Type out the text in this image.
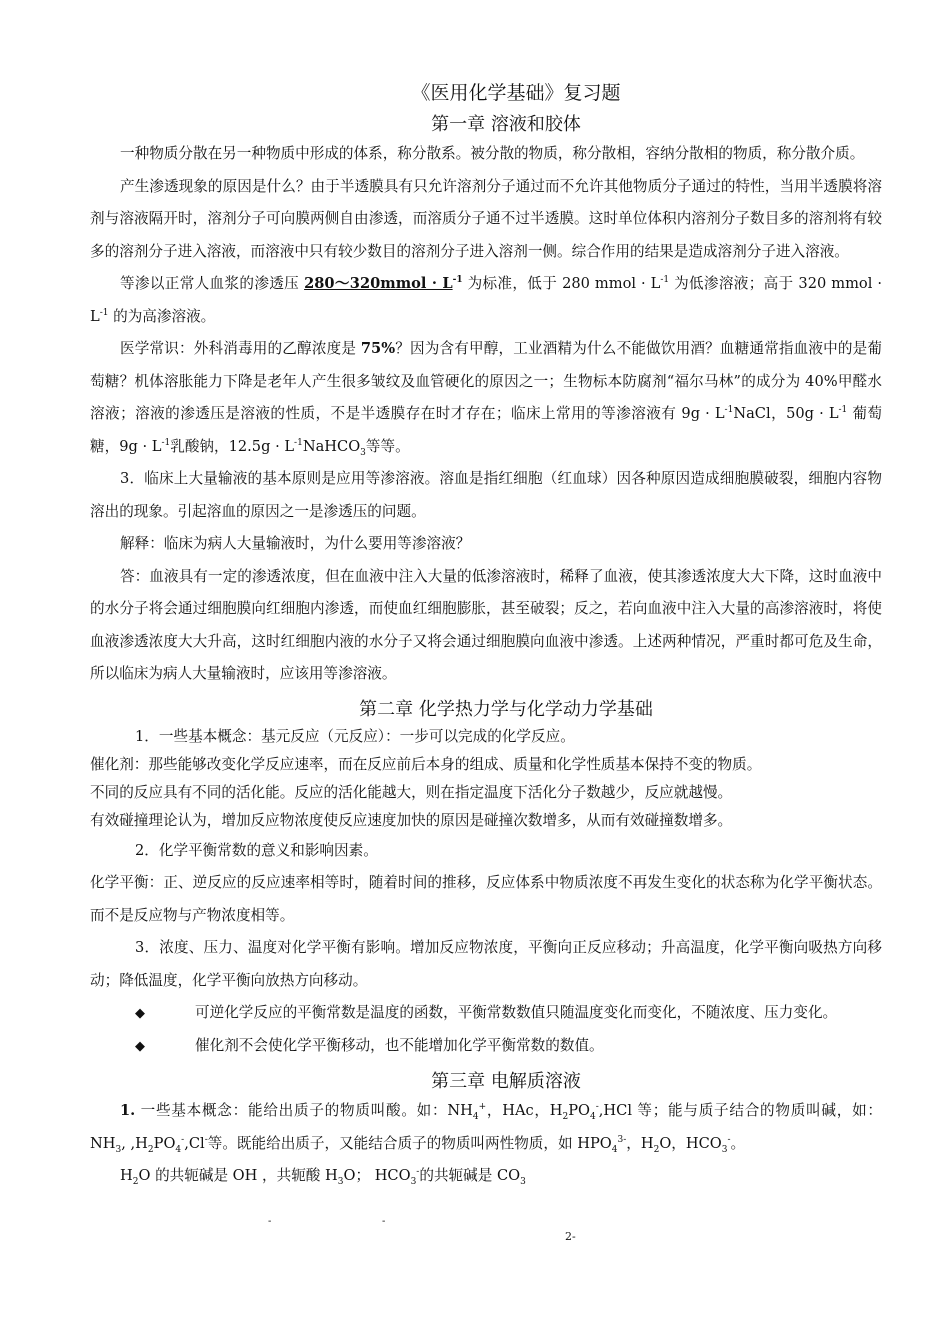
《医用化学基础》复习题
第一章 溶液和胶体

一种物质分散在另一种物质中形成的体系，称分散系。被分散的物质，称分散相，容纳分散相的物质，称分散介质。

产生渗透现象的原因是什么？由于半透膜具有只允许溶剂分子通过而不允许其他物质分子通过的特性，当用半透膜将溶剂与溶液隔开时，溶剂分子可向膜两侧自由渗透，而溶质分子通不过半透膜。这时单位体积内溶剂分子数目多的溶剂将有较多的溶剂分子进入溶液，而溶液中只有较少数目的溶剂分子进入溶剂一侧。综合作用的结果是造成溶剂分子进入溶液。

等渗以正常人血浆的渗透压 280～320mmol · $L^{-1}$ 为标准，低于 280 mmol · $L^{-1}$ 为低渗溶液；高于 320 mmol · $L^{-1}$ 的为高渗溶液。

医学常识：外科消毒用的乙醇浓度是 75%？因为含有甲醇，工业酒精为什么不能做饮用酒？血糖通常指血液中的是葡萄糖？机体溶胀能力下降是老年人产生很多皱纹及血管硬化的原因之一；生物标本防腐剂“福尔马林”的成分为 40%甲醛水溶液；溶液的渗透压是溶液的性质，不是半透膜存在时才存在；临床上常用的等渗溶液有 $9g \cdot L^{-1}NaCl$，$50g \cdot L^{-1}$ 葡萄糖，$9g \cdot L^{-1}$乳酸钠，$12.5g \cdot L^{-1}NaHCO_3$等等。

3．临床上大量输液的基本原则是应用等渗溶液。溶血是指红细胞（红血球）因各种原因造成细胞膜破裂，细胞内容物溶出的现象。引起溶血的原因之一是渗透压的问题。

解释：临床为病人大量输液时，为什么要用等渗溶液？

答：血液具有一定的渗透浓度，但在血液中注入大量的低渗溶液时，稀释了血液，使其渗透浓度大大下降，这时血液中的水分子将会通过细胞膜向红细胞内渗透，而使血红细胞膨胀，甚至破裂；反之，若向血液中注入大量的高渗溶液时，将使血液渗透浓度大大升高，这时红细胞内液的水分子又将会通过细胞膜向血液中渗透。上述两种情况，严重时都可危及生命，所以临床为病人大量输液时，应该用等渗溶液。

第二章 化学热力学与化学动力学基础

1．一些基本概念：基元反应（元反应）：一步可以完成的化学反应。

催化剂：那些能够改变化学反应速率，而在反应前后本身的组成、质量和化学性质基本保持不变的物质。

不同的反应具有不同的活化能。反应的活化能越大，则在指定温度下活化分子数越少，反应就越慢。

有效碰撞理论认为，增加反应物浓度使反应速度加快的原因是碰撞次数增多，从而有效碰撞数增多。

2．化学平衡常数的意义和影响因素。

化学平衡：正、逆反应的反应速率相等时，随着时间的推移，反应体系中物质浓度不再发生变化的状态称为化学平衡状态。而不是反应物与产物浓度相等。

3．浓度、压力、温度对化学平衡有影响。增加反应物浓度，平衡向正反应移动；升高温度，化学平衡向吸热方向移动；降低温度，化学平衡向放热方向移动。

◆	可逆化学反应的平衡常数是温度的函数，平衡常数数值只随温度变化而变化，不随浓度、压力变化。
◆	催化剂不会使化学平衡移动，也不能增加化学平衡常数的数值。
第三章 电解质溶液

1. 一些基本概念：能给出质子的物质叫酸。如：$NH_4^+$，HAc，$H_2PO_4^-,HCl$ 等；能与质子结合的物质叫碱，如：$NH_3$, $,H_2PO_4^-,Cl^-$等。既能给出质子，又能结合质子的物质叫两性物质，如 $HPO_4^{3-}$，$H_2O$，$HCO_3^-$。

$H_2O$ 的共轭碱是 OH ，共轭酸 $H_3O$； $HCO_3^-$的共轭碱是 $CO_3$

-	-
2-
